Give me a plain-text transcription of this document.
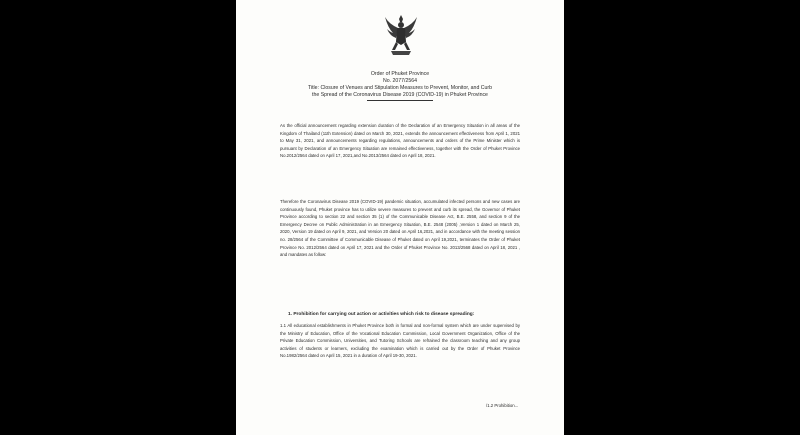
Order of Phuket Province
No. 2077/2564
Title: Closure of Venues and Stipulation Measures to Prevent, Monitor, and Curb
the Spread of the Coronavirus Disease 2019 (COVID-19) in Phuket Province

As the official announcement regarding extension duration of the Declaration of an Emergency Situation in all areas of the Kingdom of Thailand (11th Extension) dated on March 30, 2021, extends the announcement effectiveness from April 1, 2021 to May 31, 2021, and announcements regarding regulations, announcements and orders of the Prime Minister which is pursuant by Declaration of an Emergency Situation are remained effectiveness, together with the Order of Phuket Province No.2012/2564 dated on April 17, 2021,and No.2013/2564 dated on April 18, 2021.

Therefore the Coronavirus Disease 2019 (COVID-19) pandemic situation, accumulated infected persons and new cases are continuously found, Phuket province has to utilize severe measures to prevent and curb its spread, the Governor of Phuket Province according to section 22 and section 35 (1) of the Communicable Disease Act, B.E. 2558, and section 9 of the Emergency Decree on Public Administration in an Emergency Situation, B.E. 2548 (2005) ,Version 1 dated on March 25, 2020, Version 19 dated on April 9, 2021, and Version 20 dated on April 16,2021, and in accordance with the meeting session no. 28/2564 of the Committee of Communicable Disease of Phuket dated on April 19,2021, terminates the Order of Phuket Province No. 2012/2564 dated on April 17, 2021 and the Order of Phuket Province No. 2013/2568 dated on April 18, 2021 , and mandates as follow:

1. Prohibition for carrying out action or activities which risk to disease spreading:

1.1 All educational establishments in Phuket Province both in formal and non-formal system which are under supervised by the Ministry of Education, Office of the Vocational Education Commission, Local Government Organization, Office of the Private Education Commission, Universities, and Tutoring Schools are refrained the classroom teaching and any group activities of students or learners, excluding the examination which is carried out by the Order of Phuket Province No.1982/2564 dated on April 15, 2021 in a duration of April 19-30, 2021.

/1.2 Prohibition...
